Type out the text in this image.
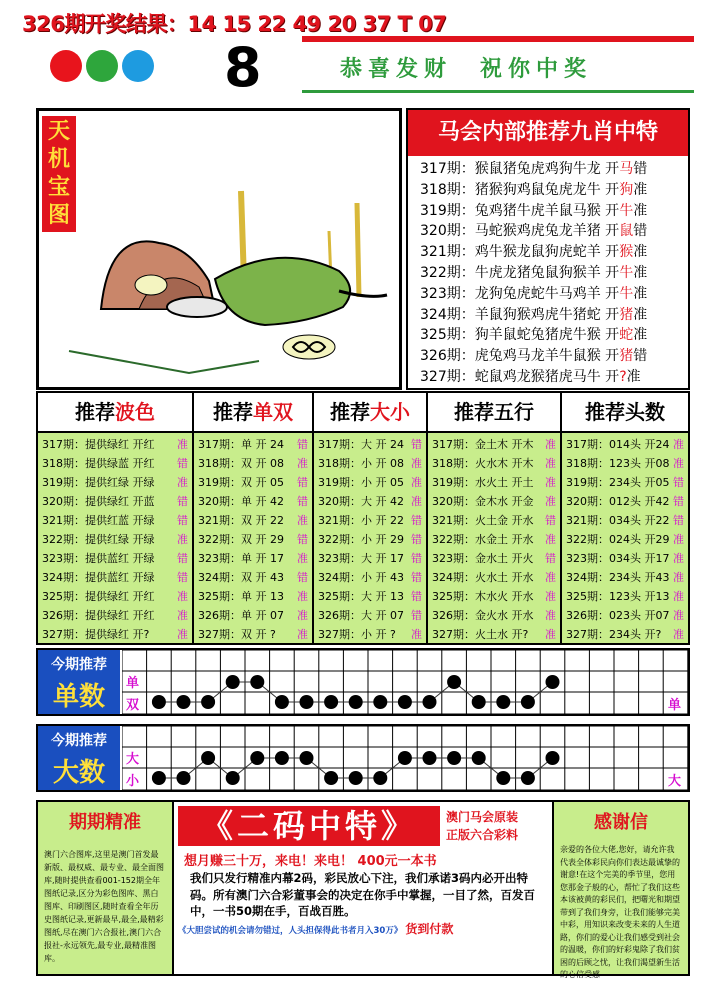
326期开奖结果：14 15 22 49 20 37 T 07
8	恭喜发财　祝你中奖
天机宝图
马会内部推荐九肖中特
317期：猴鼠猪兔虎鸡狗牛龙 开马错
318期：猪猴狗鸡鼠兔虎龙牛 开狗准
319期：兔鸡猪牛虎羊鼠马猴 开牛准
320期：马蛇猴鸡虎兔龙羊猪 开鼠错
321期：鸡牛猴龙鼠狗虎蛇羊 开猴准
322期：牛虎龙猪兔鼠狗猴羊 开牛准
323期：龙狗兔虎蛇牛马鸡羊 开牛准
324期：羊鼠狗猴鸡虎牛猪蛇 开猪准
325期：狗羊鼠蛇兔猪虎牛猴 开蛇准
326期：虎兔鸡马龙羊牛鼠猴 开猪错
327期：蛇鼠鸡龙猴猪虎马牛 开?准
推荐波色
317期：提供绿红 开红 准
318期：提供绿蓝 开红 错
319期：提供红绿 开绿 准
320期：提供绿红 开蓝 错
321期：提供红蓝 开绿 错
322期：提供红绿 开绿 准
323期：提供蓝红 开绿 错
324期：提供蓝红 开绿 错
325期：提供绿红 开红 准
326期：提供绿红 开红 准
327期：提供绿红 开?	准
推荐单双
317期：单 开 24 错
318期：双 开 08 准
319期：双 开 05 错
320期：单 开 42 错
321期：双 开 22 准
322期：双 开 29 错
323期：单 开 17 准
324期：双 开 43 错
325期：单 开 13 准
326期：单 开 07 准
327期：双 开 ? 准
推荐大小
317期：大 开 24 错
318期：小 开 08 准
319期：小 开 05 准
320期：大 开 42 准
321期：小 开 22 错
322期：小 开 29 错
323期：大 开 17 错
324期：小 开 43 错
325期：大 开 13 错
326期：大 开 07 错
327期：小 开 ? 准
推荐五行
317期：金土木 开木 准
318期：火水木 开木 准
319期：水火土 开土 准
320期：金木水 开金 准
321期：火土金 开水 错
322期：水金土 开水 准
323期：金水土 开火 错
324期：火水土 开水 准
325期：木水火 开水 准
326期：金火水 开水 准
327期：火土水 开? 准
推荐头数
317期：014头 开24 准
318期：123头 开08 准
319期：234头 开05 错
320期：012头 开42 错
321期：034头 开22 错
322期：024头 开29 准
323期：034头 开17 准
324期：234头 开43 准
325期：123头 开13 准
326期：023头 开07 准
327期：234头 开? 准
今期推荐
单数	单
双	单
今期推荐
大数	大
小	大
期期精准
澳门六合图库,这里是澳门首发最新版、最权威、最专业、最全面图库,随时提供查看001-152期全年图纸记录,区分为彩色图库、黑白图库、印刷图区,随时查看全年历史图纸记录,更新最早,最全,最精彩图纸,尽在澳门六合报社,澳门六合报社-永远领先,最专业,最精准图库。
《二码中特》	澳门马会原装
正版六合彩料
想月赚三十万，来电！来电！ 400元一本书
我们只发行精准内幕2码，彩民放心下注，我们承诺3码内必开出特码。所有澳门六合彩董事会的决定在你手中掌握，一目了然，百发百中，一书50期在手，百战百胜。
《大胆尝试的机会请勿错过，人头担保得此书者月入30万》 货到付款
感谢信
亲爱的各位大佬,您好，请允许我代表全体彩民向你们表达最诚挚的谢意!在这个完美的季节里，您用您那金子般的心，帮忙了我们这些本该被黄的彩民们，把曙光和期望带到了我们身旁，让我们能够完美中彩，用知识来改变未来的人生道路，你们的爱心让我们感受到社会的温暖，你们的好彩鬼除了我们贫困的后顾之忧，让我们渴望新生活的心信受感
